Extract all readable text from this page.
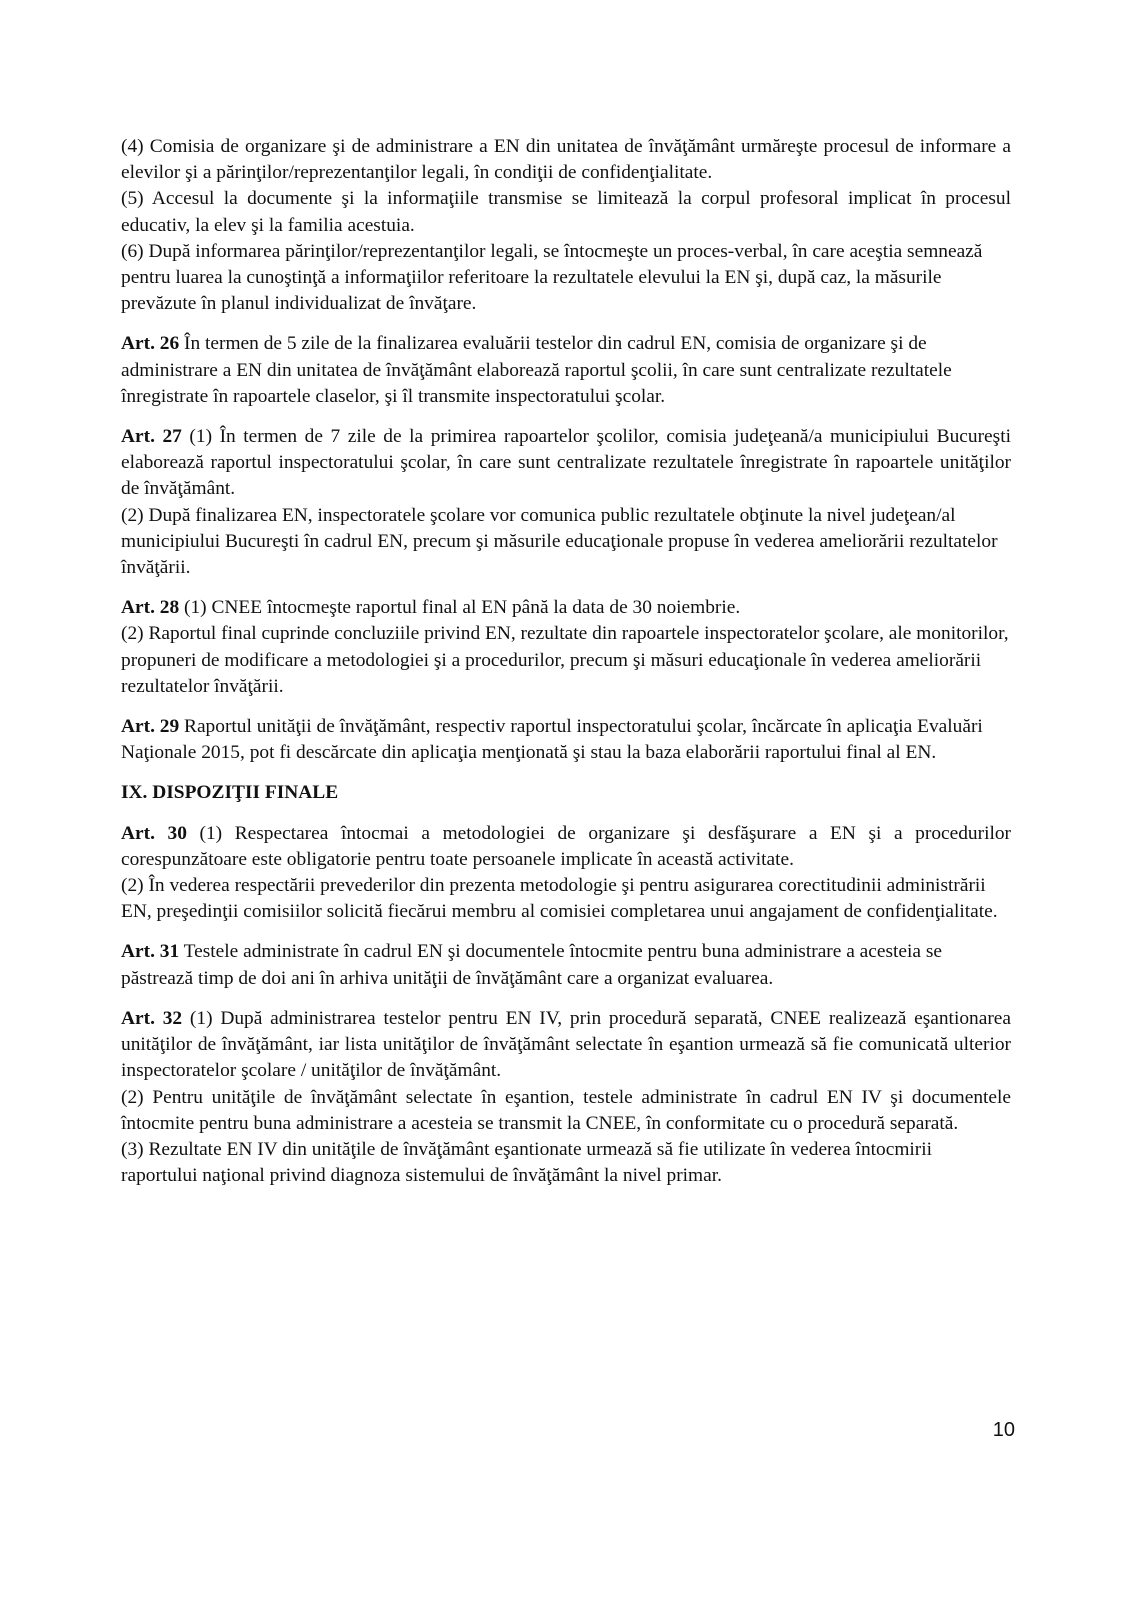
(4) Comisia de organizare şi de administrare a EN din unitatea de învăţământ urmăreşte procesul de informare a elevilor şi a părinţilor/reprezentanţilor legali, în condiţii de confidenţialitate.

(5) Accesul la documente şi la informaţiile transmise se limitează la corpul profesoral implicat în procesul educativ, la elev şi la familia acestuia.

(6) După informarea părinţilor/reprezentanţilor legali, se întocmeşte un proces-verbal, în care aceştia semnează pentru luarea la cunoştinţă a informaţiilor referitoare la rezultatele elevului la EN şi, după caz, la măsurile prevăzute în planul individualizat de învăţare.

Art. 26 În termen de 5 zile de la finalizarea evaluării testelor din cadrul EN, comisia de organizare şi de administrare a EN din unitatea de învăţământ elaborează raportul şcolii, în care sunt centralizate rezultatele înregistrate în rapoartele claselor, şi îl transmite inspectoratului şcolar.

Art. 27 (1) În termen de 7 zile de la primirea rapoartelor şcolilor, comisia judeţeană/a municipiului Bucureşti elaborează raportul inspectoratului şcolar, în care sunt centralizate rezultatele înregistrate în rapoartele unităţilor de învăţământ.

(2) După finalizarea EN, inspectoratele şcolare vor comunica public rezultatele obţinute la nivel judeţean/al municipiului Bucureşti în cadrul EN, precum şi măsurile educaţionale propuse în vederea ameliorării rezultatelor învăţării.

Art. 28 (1) CNEE întocmeşte raportul final al EN până la data de 30 noiembrie.

(2) Raportul final cuprinde concluziile privind EN, rezultate din rapoartele inspectoratelor şcolare, ale monitorilor, propuneri de modificare a metodologiei şi a procedurilor, precum şi măsuri educaţionale în vederea ameliorării rezultatelor învăţării.

Art. 29 Raportul unităţii de învăţământ, respectiv raportul inspectoratului şcolar, încărcate în aplicaţia Evaluări Naţionale 2015, pot fi descărcate din aplicaţia menţionată şi stau la baza elaborării raportului final al EN.

IX. DISPOZIŢII FINALE

Art. 30 (1) Respectarea întocmai a metodologiei de organizare şi desfăşurare a EN şi a procedurilor corespunzătoare este obligatorie pentru toate persoanele implicate în această activitate.

(2) În vederea respectării prevederilor din prezenta metodologie şi pentru asigurarea corectitudinii administrării EN, preşedinţii comisiilor solicită fiecărui membru al comisiei completarea unui angajament de confidenţialitate.

Art. 31 Testele administrate în cadrul EN şi documentele întocmite pentru buna administrare a acesteia se păstrează timp de doi ani în arhiva unităţii de învăţământ care a organizat evaluarea.

Art. 32 (1) După administrarea testelor pentru EN IV, prin procedură separată, CNEE realizează eşantionarea unităţilor de învăţământ, iar lista unităţilor de învăţământ selectate în eşantion urmează să fie comunicată ulterior inspectoratelor şcolare / unităţilor de învăţământ.

(2) Pentru unităţile de învăţământ selectate în eşantion, testele administrate în cadrul EN IV şi documentele întocmite pentru buna administrare a acesteia se transmit la CNEE, în conformitate cu o procedură separată.

(3) Rezultate EN IV din unităţile de învăţământ eşantionate urmează să fie utilizate în vederea întocmirii raportului naţional privind diagnoza sistemului de învăţământ la nivel primar.

10
